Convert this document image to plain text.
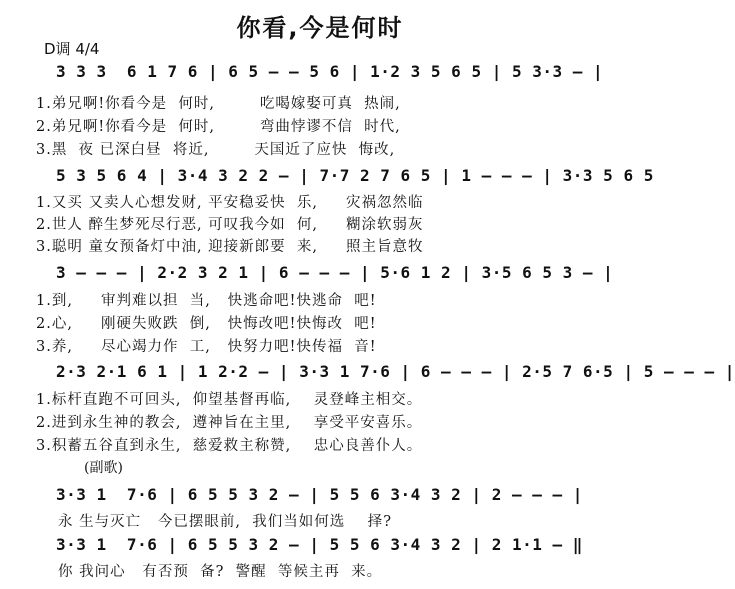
你看,今是何时
D调 4/4
3 3 3  6 1 7 6 | 6 5 – – 5 6 | 1·2 3 5 6 5 | 5 3·3 – |
1.弟兄啊!你看今是  何时,        吃喝嫁娶可真  热闹,
2.弟兄啊!你看今是  何时,        弯曲悖谬不信  时代,
3.黑  夜 已深白昼  将近,        天国近了应快  悔改,
5 3 5 6 4 | 3·4 3 2 2 – | 7·7 2 7 6 5 | 1 – – – | 3·3 5 6 5
1.又买 又卖人心想发财, 平安稳妥快  乐,     灾祸忽然临
2.世人 醉生梦死尽行恶, 可叹我今如  何,     糊涂软弱灰
3.聪明 童女预备灯中油, 迎接新郎要  来,     照主旨意牧
3 – – – | 2·2 3 2 1 | 6 – – – | 5·6 1 2 | 3·5 6 5 3 – |
1.到,     审判难以担  当,   快逃命吧!快逃命  吧!
2.心,     刚硬失败跌  倒,   快悔改吧!快悔改  吧!
3.养,     尽心竭力作  工,   快努力吧!快传福  音!
2·3 2·1 6 1 | 1 2·2 – | 3·3 1 7·6 | 6 – – – | 2·5 7 6·5 | 5 – – – |
1.标杆直跑不可回头,  仰望基督再临,    灵登峰主相交。
2.进到永生神的教会,  遵神旨在主里,    享受平安喜乐。
3.积蓄五谷直到永生,  慈爱救主称赞,    忠心良善仆人。
(副歌)
3·3 1  7·6 | 6 5 5 3 2 – | 5 5 6 3·4 3 2 | 2 – – – |
永 生与灭亡   今已摆眼前,  我们当如何选    择?
3·3 1  7·6 | 6 5 5 3 2 – | 5 5 6 3·4 3 2 | 2 1·1 – ‖
你 我问心   有否预  备?  警醒  等候主再  来。
